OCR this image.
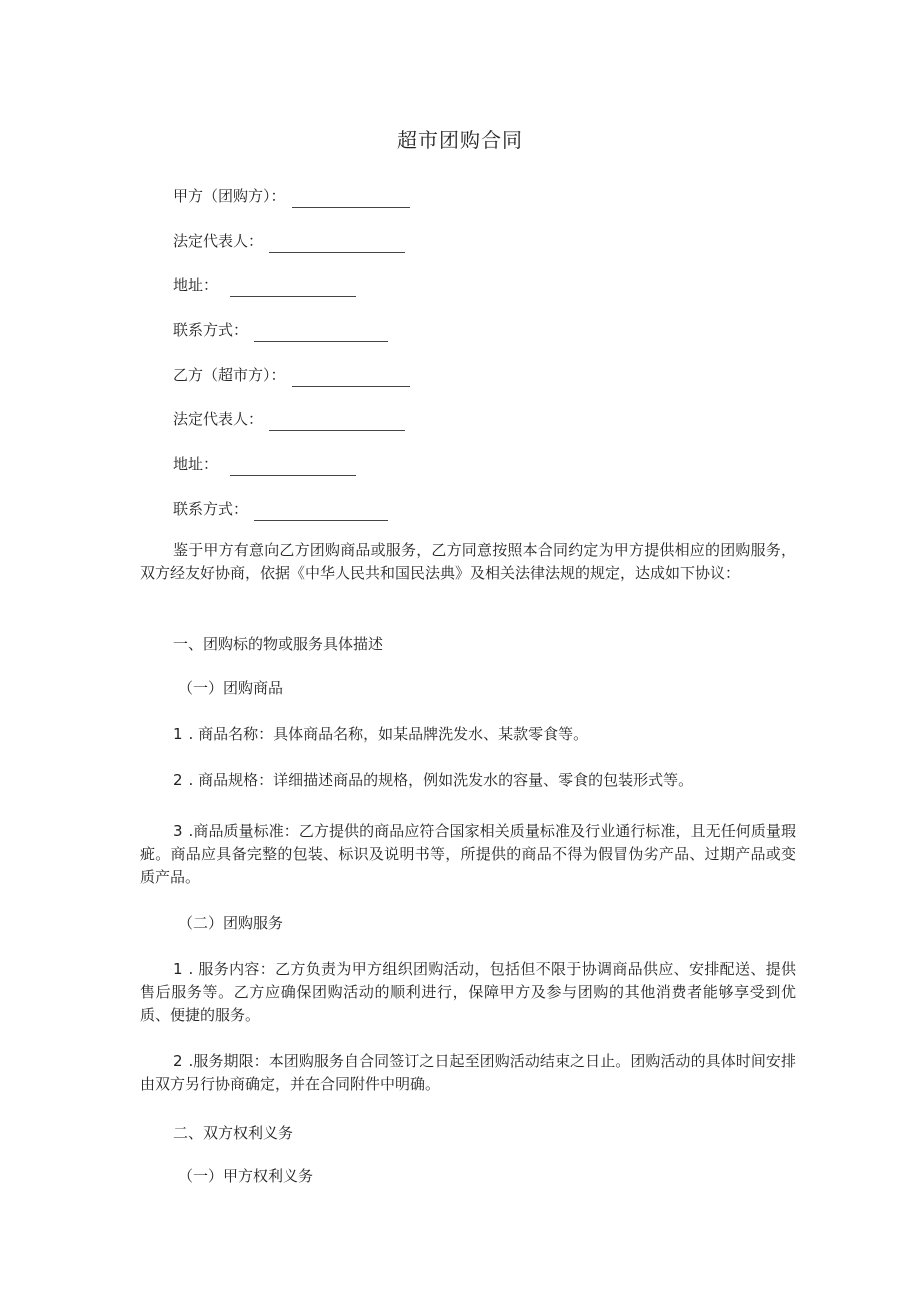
超市团购合同
甲方（团购方）：
法定代表人：
地址：
联系方式：
乙方（超市方）：
法定代表人：
地址：
联系方式：
鉴于甲方有意向乙方团购商品或服务，乙方同意按照本合同约定为甲方提供相应的团购服务，双方经友好协商，依据《中华人民共和国民法典》及相关法律法规的规定，达成如下协议：
一、团购标的物或服务具体描述
（一）团购商品
1 . 商品名称：具体商品名称，如某品牌洗发水、某款零食等。
2 . 商品规格：详细描述商品的规格，例如洗发水的容量、零食的包装形式等。
3 .商品质量标准：乙方提供的商品应符合国家相关质量标准及行业通行标准，且无任何质量瑕疵。商品应具备完整的包装、标识及说明书等，所提供的商品不得为假冒伪劣产品、过期产品或变质产品。
（二）团购服务
1 . 服务内容：乙方负责为甲方组织团购活动，包括但不限于协调商品供应、安排配送、提供售后服务等。乙方应确保团购活动的顺利进行，保障甲方及参与团购的其他消费者能够享受到优质、便捷的服务。
2 .服务期限：本团购服务自合同签订之日起至团购活动结束之日止。团购活动的具体时间安排由双方另行协商确定，并在合同附件中明确。
二、双方权利义务
（一）甲方权利义务
